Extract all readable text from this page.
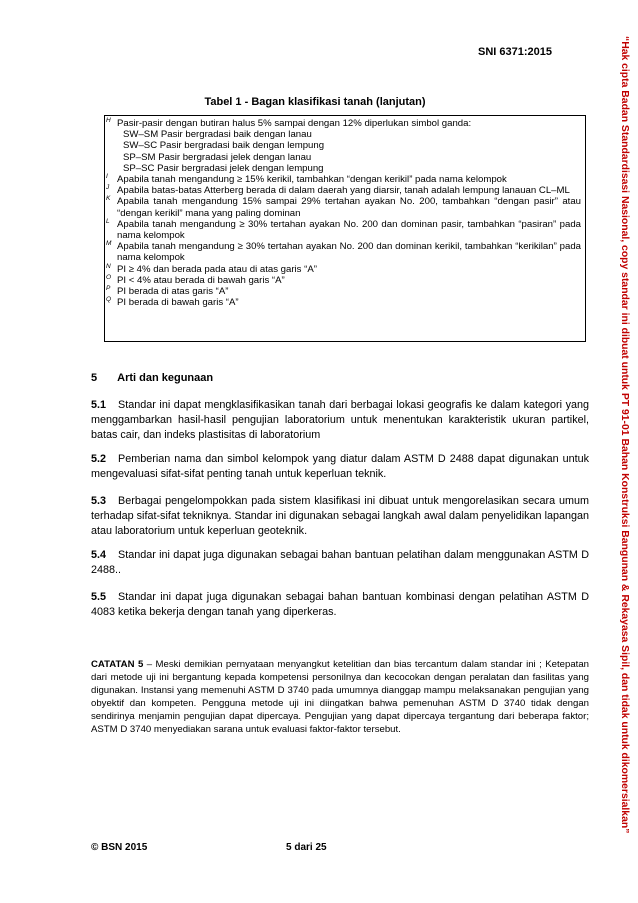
SNI 6371:2015
Tabel 1 - Bagan klasifikasi tanah (lanjutan)
H Pasir-pasir dengan butiran halus 5% sampai dengan 12% diperlukan simbol ganda:
SW–SM Pasir bergradasi baik dengan lanau
SW–SC Pasir bergradasi baik dengan lempung
SP–SM Pasir bergradasi jelek dengan lanau
SP–SC Pasir bergradasi jelek dengan lempung
I Apabila tanah mengandung ≥ 15% kerikil, tambahkan “dengan kerikil” pada nama kelompok
J Apabila batas-batas Atterberg berada di dalam daerah yang diarsir, tanah adalah lempung lanauan CL–ML
K Apabila tanah mengandung 15% sampai 29% tertahan ayakan No. 200, tambahkan “dengan pasir” atau “dengan kerikil” mana yang paling dominan
L Apabila tanah mengandung ≥ 30% tertahan ayakan No. 200 dan dominan pasir, tambahkan “pasiran” pada nama kelompok
M Apabila tanah mengandung ≥ 30% tertahan ayakan No. 200 dan dominan kerikil, tambahkan “kerikilan” pada nama kelompok
N PI ≥ 4% dan berada pada atau di atas garis “A”
O PI < 4% atau berada di bawah garis “A”
P PI berada di atas garis “A”
Q PI berada di bawah garis “A”
5 Arti dan kegunaan
5.1 Standar ini dapat mengklasifikasikan tanah dari berbagai lokasi geografis ke dalam kategori yang menggambarkan hasil-hasil pengujian laboratorium untuk menentukan karakteristik ukuran partikel, batas cair, dan indeks plastisitas di laboratorium
5.2 Pemberian nama dan simbol kelompok yang diatur dalam ASTM D 2488 dapat digunakan untuk mengevaluasi sifat-sifat penting tanah untuk keperluan teknik.
5.3 Berbagai pengelompokkan pada sistem klasifikasi ini dibuat untuk mengorelasikan secara umum terhadap sifat-sifat tekniknya. Standar ini digunakan sebagai langkah awal dalam penyelidikan lapangan atau laboratorium untuk keperluan geoteknik.
5.4 Standar ini dapat juga digunakan sebagai bahan bantuan pelatihan dalam menggunakan ASTM D 2488..
5.5 Standar ini dapat juga digunakan sebagai bahan bantuan kombinasi dengan pelatihan ASTM D 4083 ketika bekerja dengan tanah yang diperkeras.
CATATAN 5 – Meski demikian pernyataan menyangkut ketelitian dan bias tercantum dalam standar ini ; Ketepatan dari metode uji ini bergantung kepada kompetensi personilnya dan kecocokan dengan peralatan dan fasilitas yang digunakan. Instansi yang memenuhi ASTM D 3740 pada umumnya dianggap mampu melaksanakan pengujian yang obyektif dan kompeten. Pengguna metode uji ini diingatkan bahwa pemenuhan ASTM D 3740 tidak dengan sendirinya menjamin pengujian dapat dipercaya. Pengujian yang dapat dipercaya tergantung dari beberapa faktor; ASTM D 3740 menyediakan sarana untuk evaluasi faktor-faktor tersebut.
© BSN 2015	5 dari 25
“Hak cipta Badan Standardisasi Nasional, copy standar ini dibuat untuk PT 91-01 Bahan Konstruksi Bangunan & Rekayasa Sipil, dan tidak untuk dikomersialkan”
